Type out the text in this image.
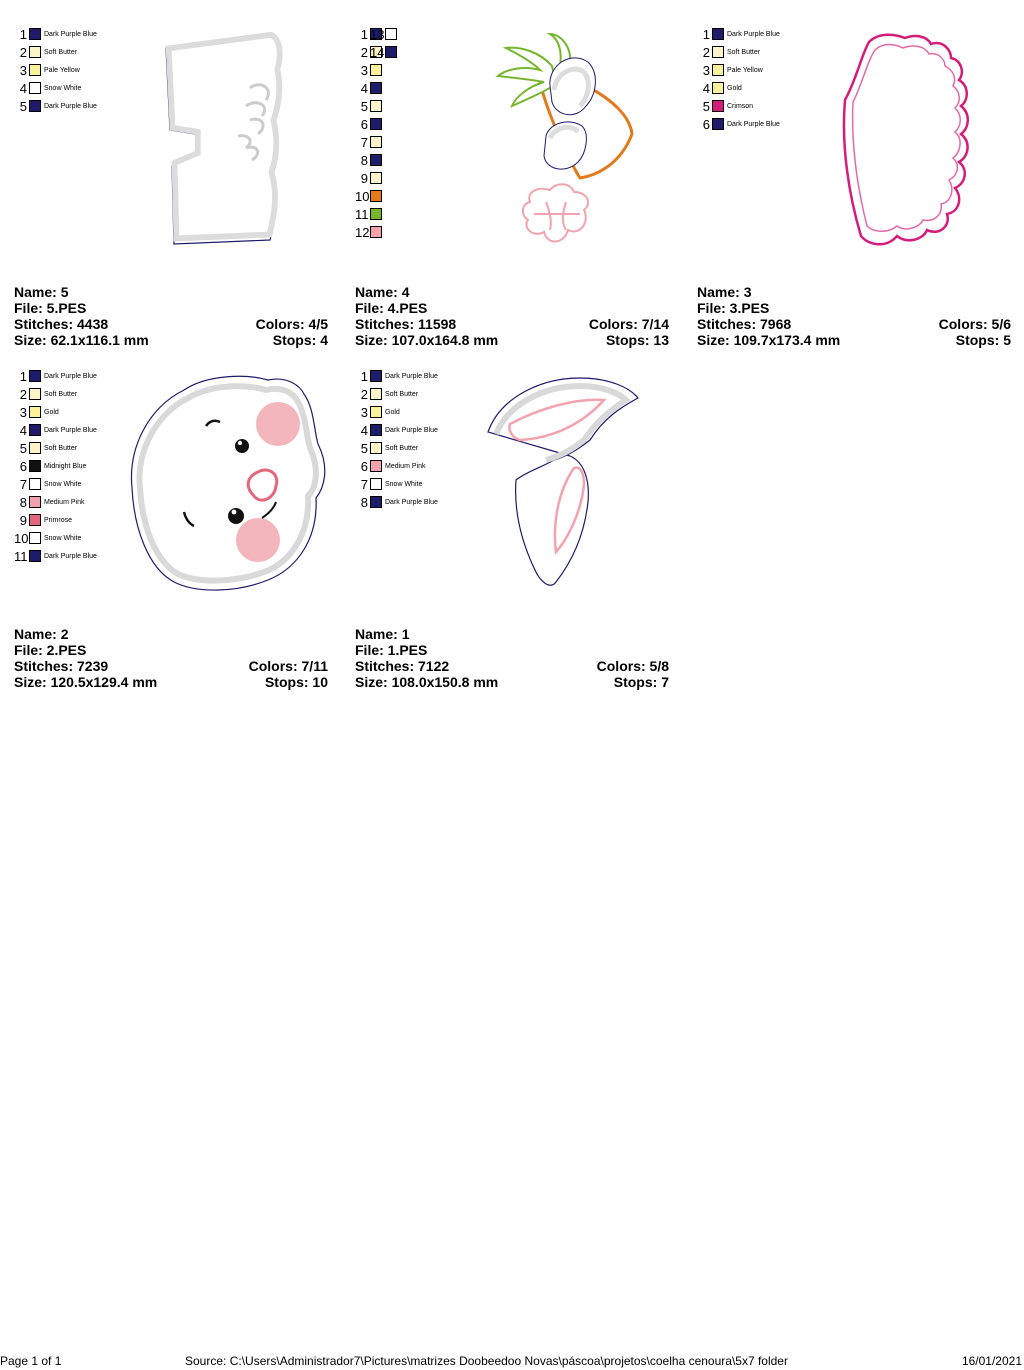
1 Dark Purple Blue
2 Soft Butter
3 Pale Yellow
4 Snow White
5 Dark Purple Blue
Name: 5
File: 5.PES
Stitches: 4438	Colors: 4/5
Size: 62.1x116.1 mm	Stops: 4
1
2
3
4
5
6
7
8
9
10
11
12
13
14
Name: 4
File: 4.PES
Stitches: 11598	Colors: 7/14
Size: 107.0x164.8 mm	Stops: 13
1 Dark Purple Blue
2 Soft Butter
3 Pale Yellow
4 Gold
5 Crimson
6 Dark Purple Blue
Name: 3
File: 3.PES
Stitches: 7968	Colors: 5/6
Size: 109.7x173.4 mm	Stops: 5
1 Dark Purple Blue
2 Soft Butter
3 Gold
4 Dark Purple Blue
5 Soft Butter
6 Midnight Blue
7 Snow White
8 Medium Pink
9 Primrose
10 Snow White
11 Dark Purple Blue
Name: 2
File: 2.PES
Stitches: 7239	Colors: 7/11
Size: 120.5x129.4 mm	Stops: 10
1 Dark Purple Blue
2 Soft Butter
3 Gold
4 Dark Purple Blue
5 Soft Butter
6 Medium Pink
7 Snow White
8 Dark Purple Blue
Name: 1
File: 1.PES
Stitches: 7122	Colors: 5/8
Size: 108.0x150.8 mm	Stops: 7
Page 1 of 1	Source: C:\Users\Administrador7\Pictures\matrizes Doobeedoo Novas\páscoa\projetos\coelha cenoura\5x7 folder	16/01/2021
